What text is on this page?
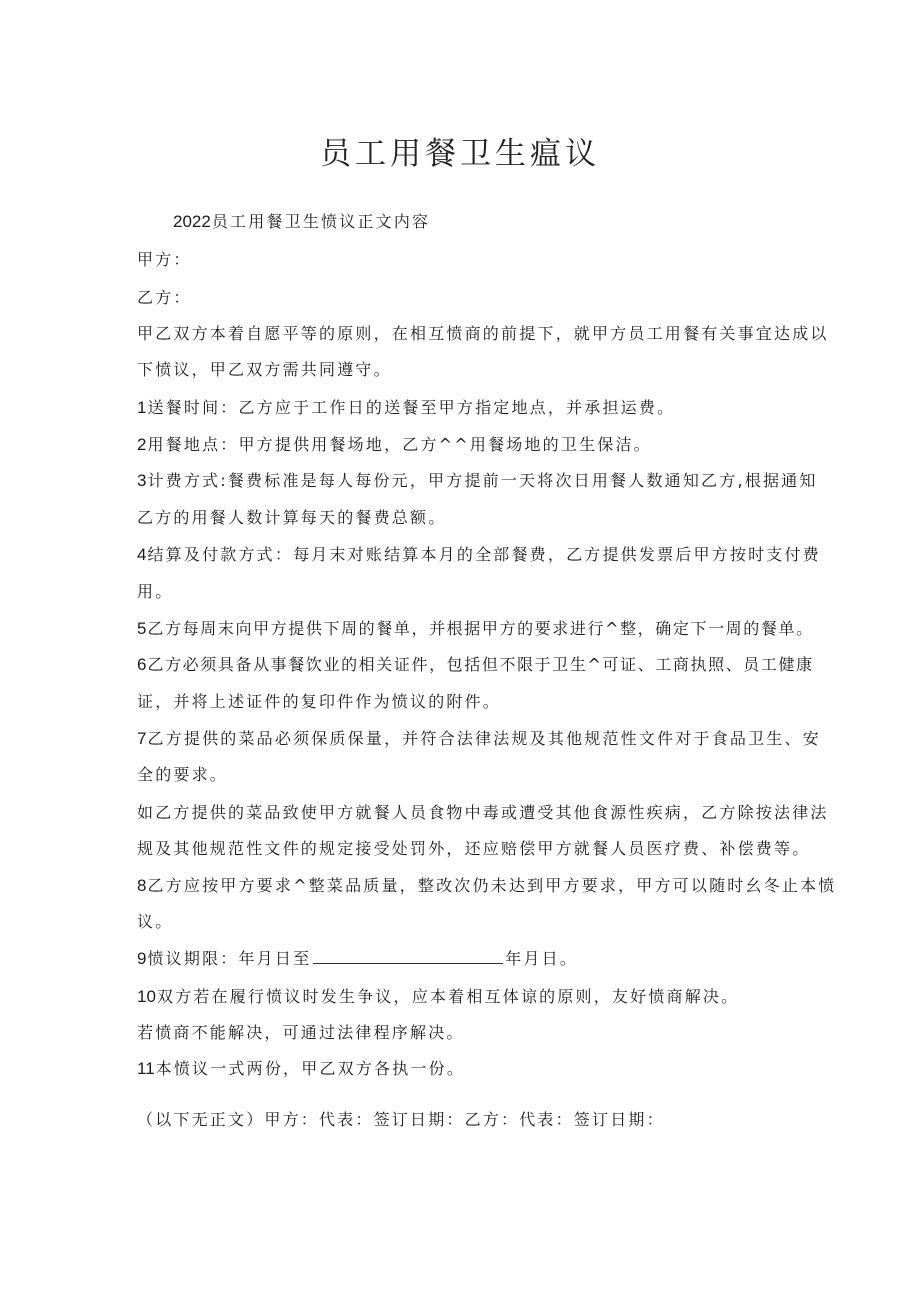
员工用餐卫生瘟议
2022员工用餐卫生愤议正文内容
甲方：
乙方：
甲乙双方本着自愿平等的原则，在相互愤商的前提下，就甲方员工用餐有关事宜达成以
下愤议，甲乙双方需共同遵守。
1送餐时间：乙方应于工作日的送餐至甲方指定地点，并承担运费。
2用餐地点：甲方提供用餐场地，乙方^^用餐场地的卫生保洁。
3计费方式:餐费标准是每人每份元，甲方提前一天将次日用餐人数通知乙方,根据通知
乙方的用餐人数计算每天的餐费总额。
4结算及付款方式：每月末对账结算本月的全部餐费，乙方提供发票后甲方按时支付费
用。
5乙方每周末向甲方提供下周的餐单，并根据甲方的要求进行^整，确定下一周的餐单。
6乙方必须具备从事餐饮业的相关证件，包括但不限于卫生^可证、工商执照、员工健康
证，并将上述证件的复印件作为愤议的附件。
7乙方提供的菜品必须保质保量，并符合法律法规及其他规范性文件对于食品卫生、安
全的要求。
如乙方提供的菜品致使甲方就餐人员食物中毒或遭受其他食源性疾病，乙方除按法律法
规及其他规范性文件的规定接受处罚外，还应赔偿甲方就餐人员医疗费、补偿费等。
8乙方应按甲方要求^整菜品质量，整改次仍未达到甲方要求，甲方可以随时幺冬止本愤
议。
9愤议期限：年月日至	年月日。
10双方若在履行愤议时发生争议，应本着相互体谅的原则，友好愤商解决。
若愤商不能解决，可通过法律程序解决。
11本愤议一式两份，甲乙双方各执一份。
（以下无正文）甲方：代表：签订日期：乙方：代表：签订日期：
